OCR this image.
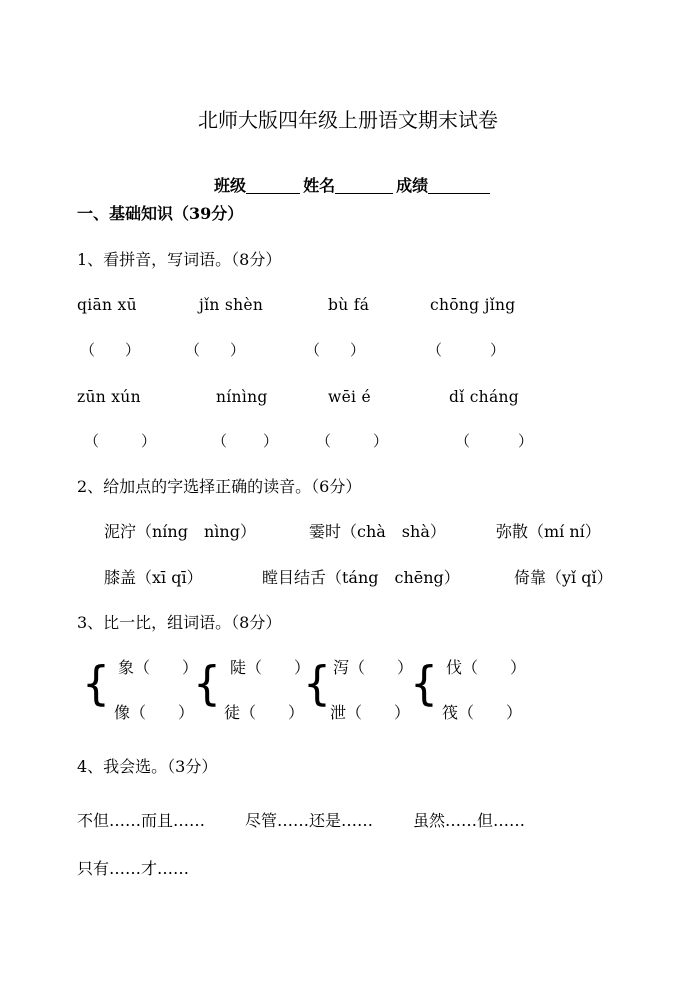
北师大版四年级上册语文期末试卷

班级	姓名	成绩

一、基础知识（39分）
1、看拼音，写词语。（8分）
qiān xū	jǐn shèn	bù fá	chōng jǐng
（　　）	（　　）	（　　）	（　　）
zūn xún	nínìng	wēi é	dǐ cháng
（　　）	（　　） （　　）	（　　）
2、给加点的字选择正确的读音。（6分）
泥泞（níng　nìng）	霎时（chà　shà）	弥散（mí ní）
膝盖（xī qī）	瞠目结舌（táng　chēng）	倚靠（yǐ qǐ）
3、比一比，组词语。（8分）
{ 象（　　）
像（　　）
{ 陡（　　）
徒（　　）
{ 泻（　　）
泄（　　）
{ 伐（　　）
筏（　　）
4、我会选。（3分）
不但……而且…… 尽管……还是…… 虽然……但……
只有……才……
